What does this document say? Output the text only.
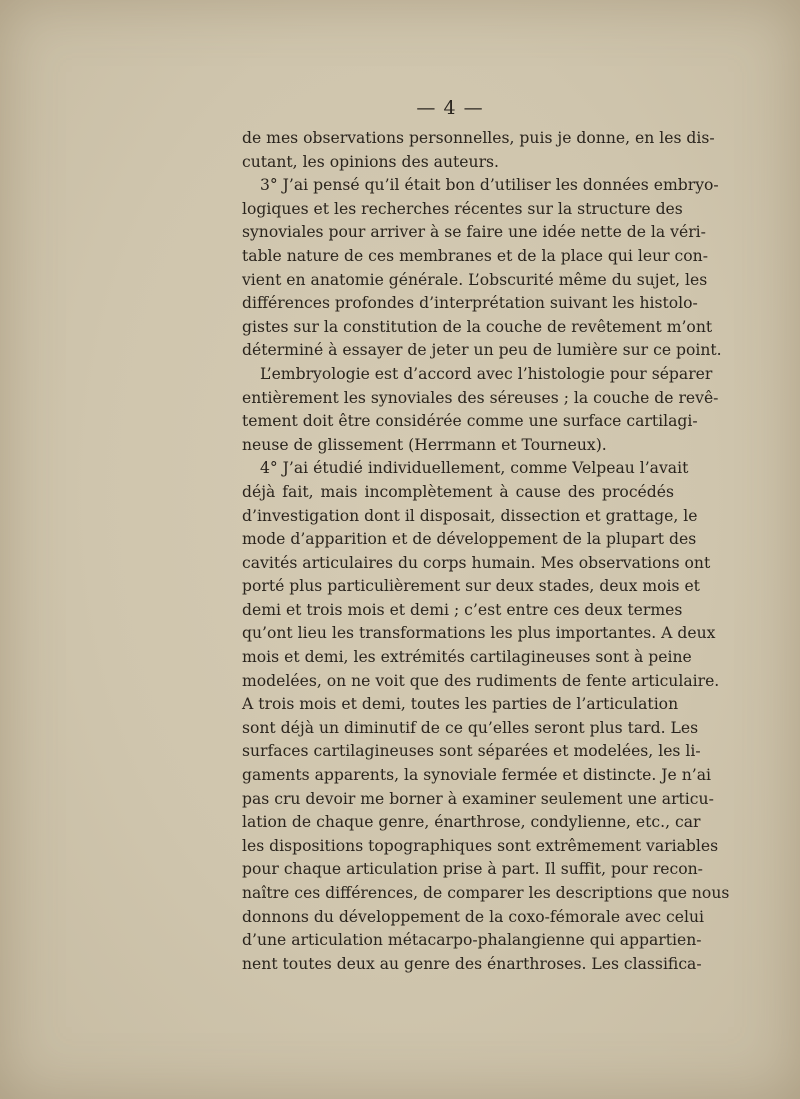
— 4 —
de mes observations personnelles, puis je donne, en les dis-
cutant, les opinions des auteurs.
3° J’ai pensé qu’il était bon d’utiliser les données embryo-
logiques et les recherches récentes sur la structure des
synoviales pour arriver à se faire une idée nette de la véri-
table nature de ces membranes et de la place qui leur con-
vient en anatomie générale. L’obscurité même du sujet, les
différences profondes d’interprétation suivant les histolo-
gistes sur la constitution de la couche de revêtement m’ont
déterminé à essayer de jeter un peu de lumière sur ce point.
L’embryologie est d’accord avec l’histologie pour séparer
entièrement les synoviales des séreuses ; la couche de revê-
tement doit être considérée comme une surface cartilagi-
neuse de glissement (Herrmann et Tourneux).
4° J’ai étudié individuellement, comme Velpeau l’avait
déjà fait, mais incomplètement à cause des procédés
d’investigation dont il disposait, dissection et grattage, le
mode d’apparition et de développement de la plupart des
cavités articulaires du corps humain. Mes observations ont
porté plus particulièrement sur deux stades, deux mois et
demi et trois mois et demi ; c’est entre ces deux termes
qu’ont lieu les transformations les plus importantes. A deux
mois et demi, les extrémités cartilagineuses sont à peine
modelées, on ne voit que des rudiments de fente articulaire.
A trois mois et demi, toutes les parties de l’articulation
sont déjà un diminutif de ce qu’elles seront plus tard. Les
surfaces cartilagineuses sont séparées et modelées, les li-
gaments apparents, la synoviale fermée et distincte. Je n’ai
pas cru devoir me borner à examiner seulement une articu-
lation de chaque genre, énarthrose, condylienne, etc., car
les dispositions topographiques sont extrêmement variables
pour chaque articulation prise à part. Il suffit, pour recon-
naître ces différences, de comparer les descriptions que nous
donnons du développement de la coxo-fémorale avec celui
d’une articulation métacarpo-phalangienne qui appartien-
nent toutes deux au genre des énarthroses. Les classifica-
